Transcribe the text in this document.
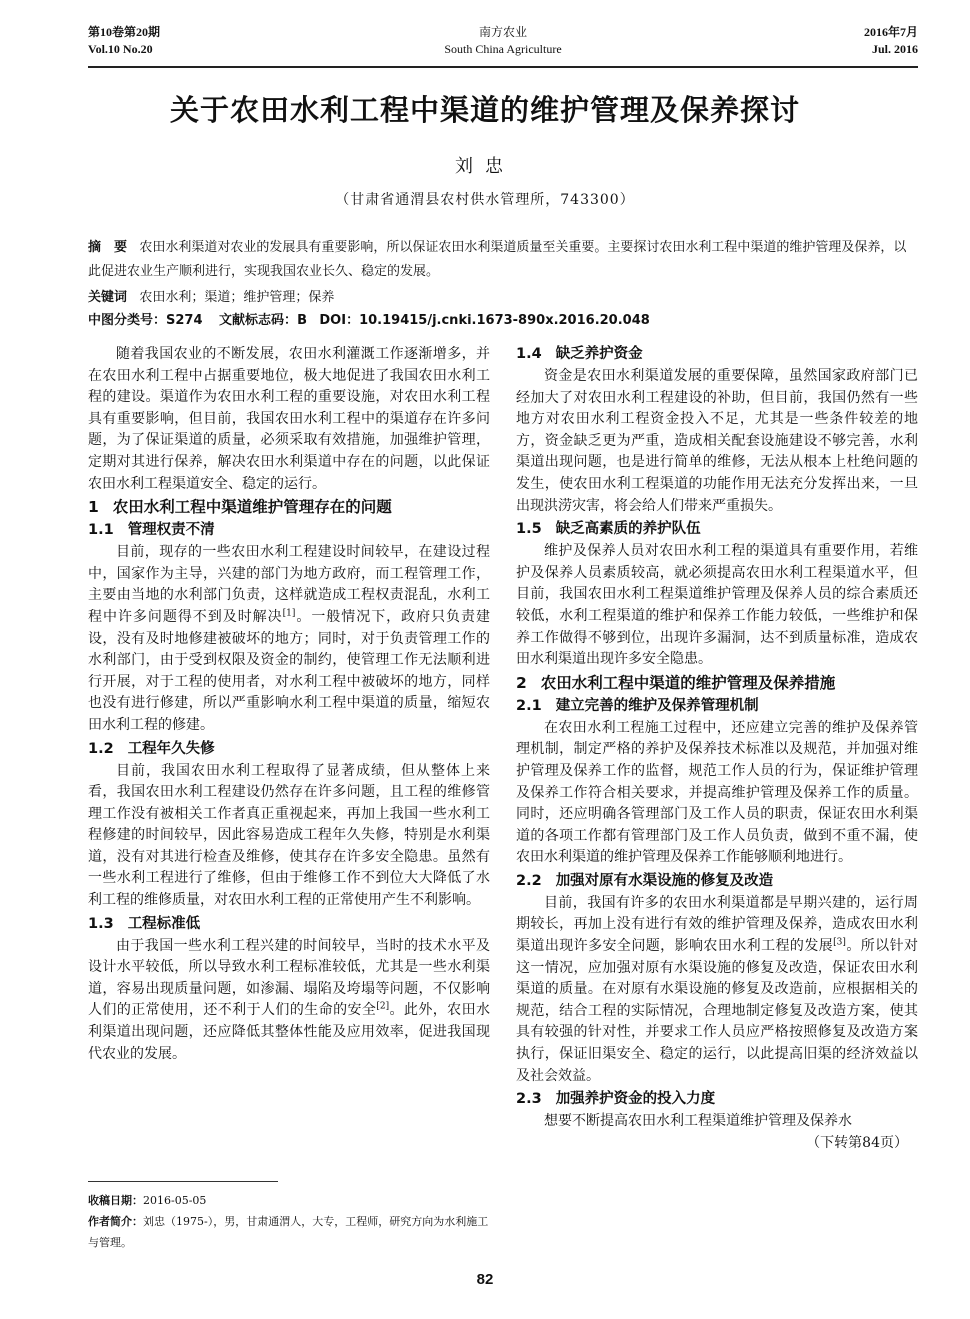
第10卷第20期
Vol.10 No.20
南方农业
South China Agriculture
2016年7月
Jul. 2016
关于农田水利工程中渠道的维护管理及保养探讨
刘忠
（甘肃省通渭县农村供水管理所，743300）
摘　要 农田水利渠道对农业的发展具有重要影响，所以保证农田水利渠道质量至关重要。主要探讨农田水利工程中渠道的维护管理及保养，以此促进农业生产顺利进行，实现我国农业长久、稳定的发展。
关键词 农田水利；渠道；维护管理；保养
中图分类号：S274 文献标志码：B DOI：10.19415/j.cnki.1673-890x.2016.20.048

随着我国农业的不断发展，农田水利灌溉工作逐渐增多，并在农田水利工程中占据重要地位，极大地促进了我国农田水利工程的建设。渠道作为农田水利工程的重要设施，对农田水利工程具有重要影响，但目前，我国农田水利工程中的渠道存在许多问题，为了保证渠道的质量，必须采取有效措施，加强维护管理，定期对其进行保养，解决农田水利渠道中存在的问题，以此保证农田水利工程渠道安全、稳定的运行。

1 农田水利工程中渠道维护管理存在的问题
1.1 管理权责不清

目前，现存的一些农田水利工程建设时间较早，在建设过程中，国家作为主导，兴建的部门为地方政府，而工程管理工作，主要由当地的水利部门负责，这样就造成工程权责混乱，水利工程中许多问题得不到及时解决[1]。一般情况下，政府只负责建设，没有及时地修建被破坏的地方；同时，对于负责管理工作的水利部门，由于受到权限及资金的制约，使管理工作无法顺利进行开展，对于工程的使用者，对水利工程中被破坏的地方，同样也没有进行修建，所以严重影响水利工程中渠道的质量，缩短农田水利工程的修建。

1.2 工程年久失修

目前，我国农田水利工程取得了显著成绩，但从整体上来看，我国农田水利工程建设仍然存在许多问题，且工程的维修管理工作没有被相关工作者真正重视起来，再加上我国一些水利工程修建的时间较早，因此容易造成工程年久失修，特别是水利渠道，没有对其进行检查及维修，使其存在许多安全隐患。虽然有一些水利工程进行了维修，但由于维修工作不到位大大降低了水利工程的维修质量，对农田水利工程的正常使用产生不利影响。

1.3 工程标准低

由于我国一些水利工程兴建的时间较早，当时的技术水平及设计水平较低，所以导致水利工程标准较低，尤其是一些水利渠道，容易出现质量问题，如渗漏、塌陷及垮塌等问题，不仅影响人们的正常使用，还不利于人们的生命的安全[2]。此外，农田水利渠道出现问题，还应降低其整体性能及应用效率，促进我国现代农业的发展。

1.4 缺乏养护资金

资金是农田水利渠道发展的重要保障，虽然国家政府部门已经加大了对农田水利工程建设的补助，但目前，我国仍然有一些地方对农田水利工程资金投入不足，尤其是一些条件较差的地方，资金缺乏更为严重，造成相关配套设施建设不够完善，水利渠道出现问题，也是进行简单的维修，无法从根本上杜绝问题的发生，使农田水利工程渠道的功能作用无法充分发挥出来，一旦出现洪涝灾害，将会给人们带来严重损失。

1.5 缺乏高素质的养护队伍

维护及保养人员对农田水利工程的渠道具有重要作用，若维护及保养人员素质较高，就必须提高农田水利工程渠道水平，但目前，我国农田水利工程渠道维护管理及保养人员的综合素质还较低，水利工程渠道的维护和保养工作能力较低，一些维护和保养工作做得不够到位，出现许多漏洞，达不到质量标准，造成农田水利渠道出现许多安全隐患。

2 农田水利工程中渠道的维护管理及保养措施
2.1 建立完善的维护及保养管理机制

在农田水利工程施工过程中，还应建立完善的维护及保养管理机制，制定严格的养护及保养技术标准以及规范，并加强对维护管理及保养工作的监督，规范工作人员的行为，保证维护管理及保养工作符合相关要求，并提高维护管理及保养工作的质量。同时，还应明确各管理部门及工作人员的职责，保证农田水利渠道的各项工作都有管理部门及工作人员负责，做到不重不漏，使农田水利渠道的维护管理及保养工作能够顺利地进行。

2.2 加强对原有水渠设施的修复及改造

目前，我国有许多的农田水利渠道都是早期兴建的，运行周期较长，再加上没有进行有效的维护管理及保养，造成农田水利渠道出现许多安全问题，影响农田水利工程的发展[3]。所以针对这一情况，应加强对原有水渠设施的修复及改造，保证农田水利渠道的质量。在对原有水渠设施的修复及改造前，应根据相关的规范，结合工程的实际情况，合理地制定修复及改造方案，使其具有较强的针对性，并要求工作人员应严格按照修复及改造方案执行，保证旧渠安全、稳定的运行，以此提高旧渠的经济效益以及社会效益。

2.3 加强养护资金的投入力度

想要不断提高农田水利工程渠道维护管理及保养水

（下转第84页）
收稿日期：2016-05-05
作者简介：刘忠（1975-），男，甘肃通渭人，大专，工程师，研究方向为水利施工与管理。
82
